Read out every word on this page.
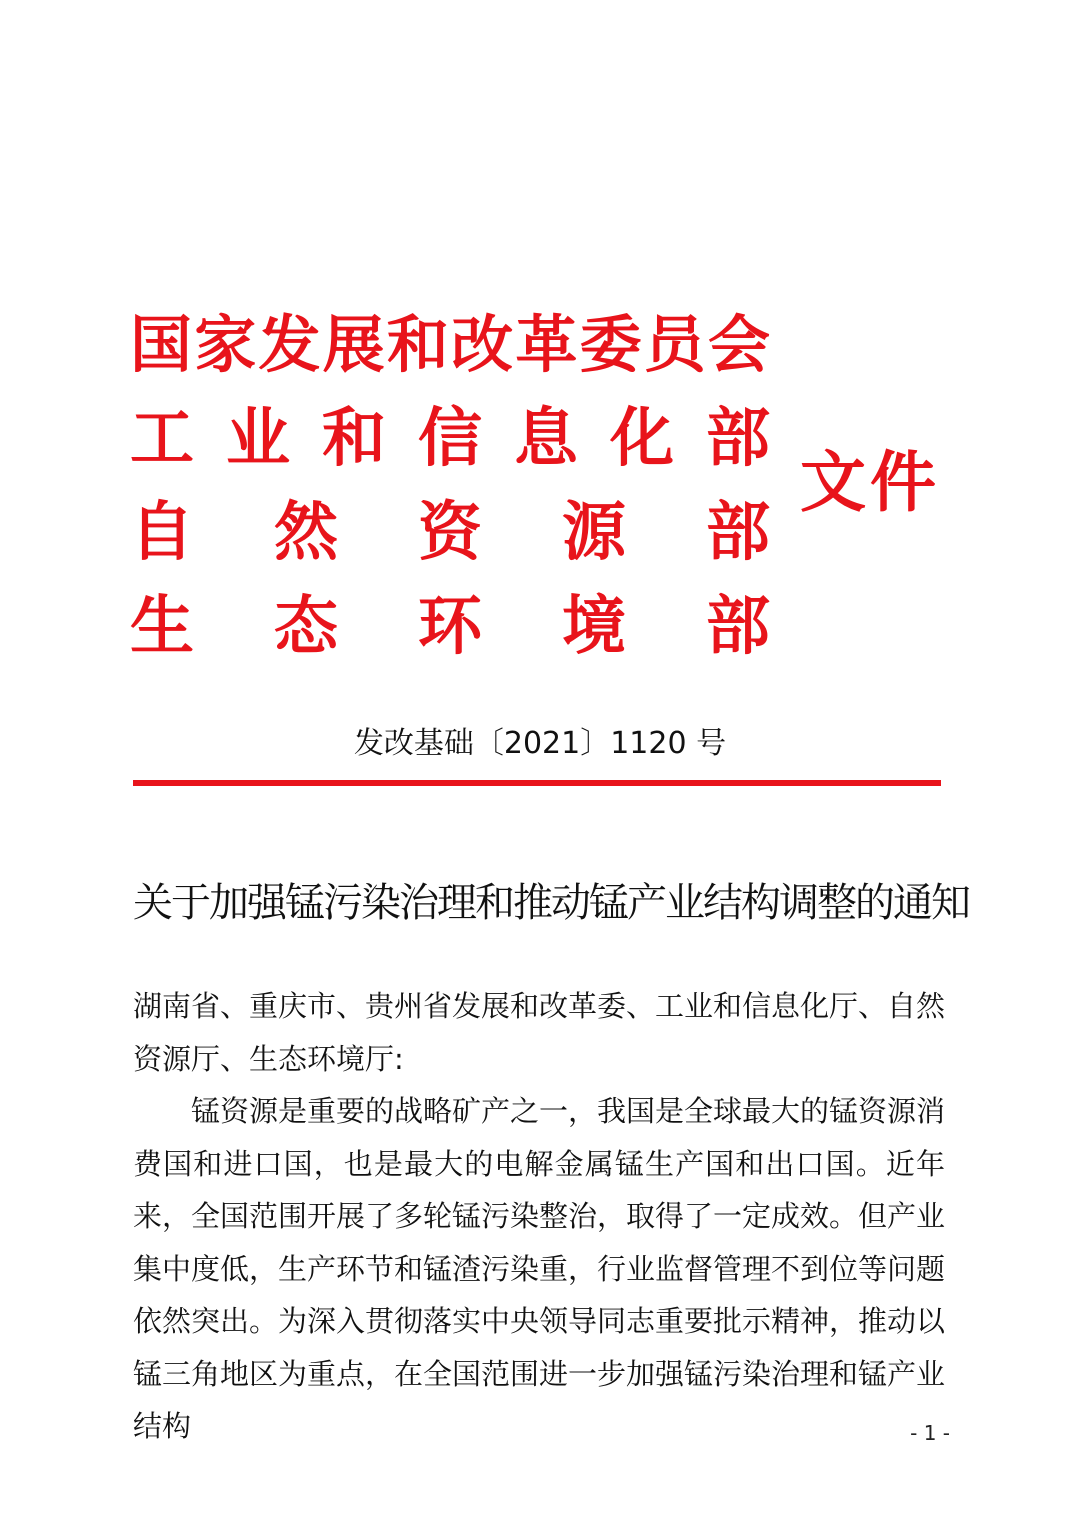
国 家 发 展 和 改 革 委 员 会
工 业 和 信 息 化 部
自 然 资 源 部
生 态 环 境 部
文件
发改基础〔2021〕1120 号
关于加强锰污染治理和推动锰产业结构调整的通知

湖南省、重庆市、贵州省发展和改革委、工业和信息化厅、自然资源厅、生态环境厅:

锰资源是重要的战略矿产之一，我国是全球最大的锰资源消费国和进口国，也是最大的电解金属锰生产国和出口国。近年来，全国范围开展了多轮锰污染整治，取得了一定成效。但产业集中度低，生产环节和锰渣污染重，行业监督管理不到位等问题依然突出。为深入贯彻落实中央领导同志重要批示精神，推动以锰三角地区为重点，在全国范围进一步加强锰污染治理和锰产业结构	- 1 -
